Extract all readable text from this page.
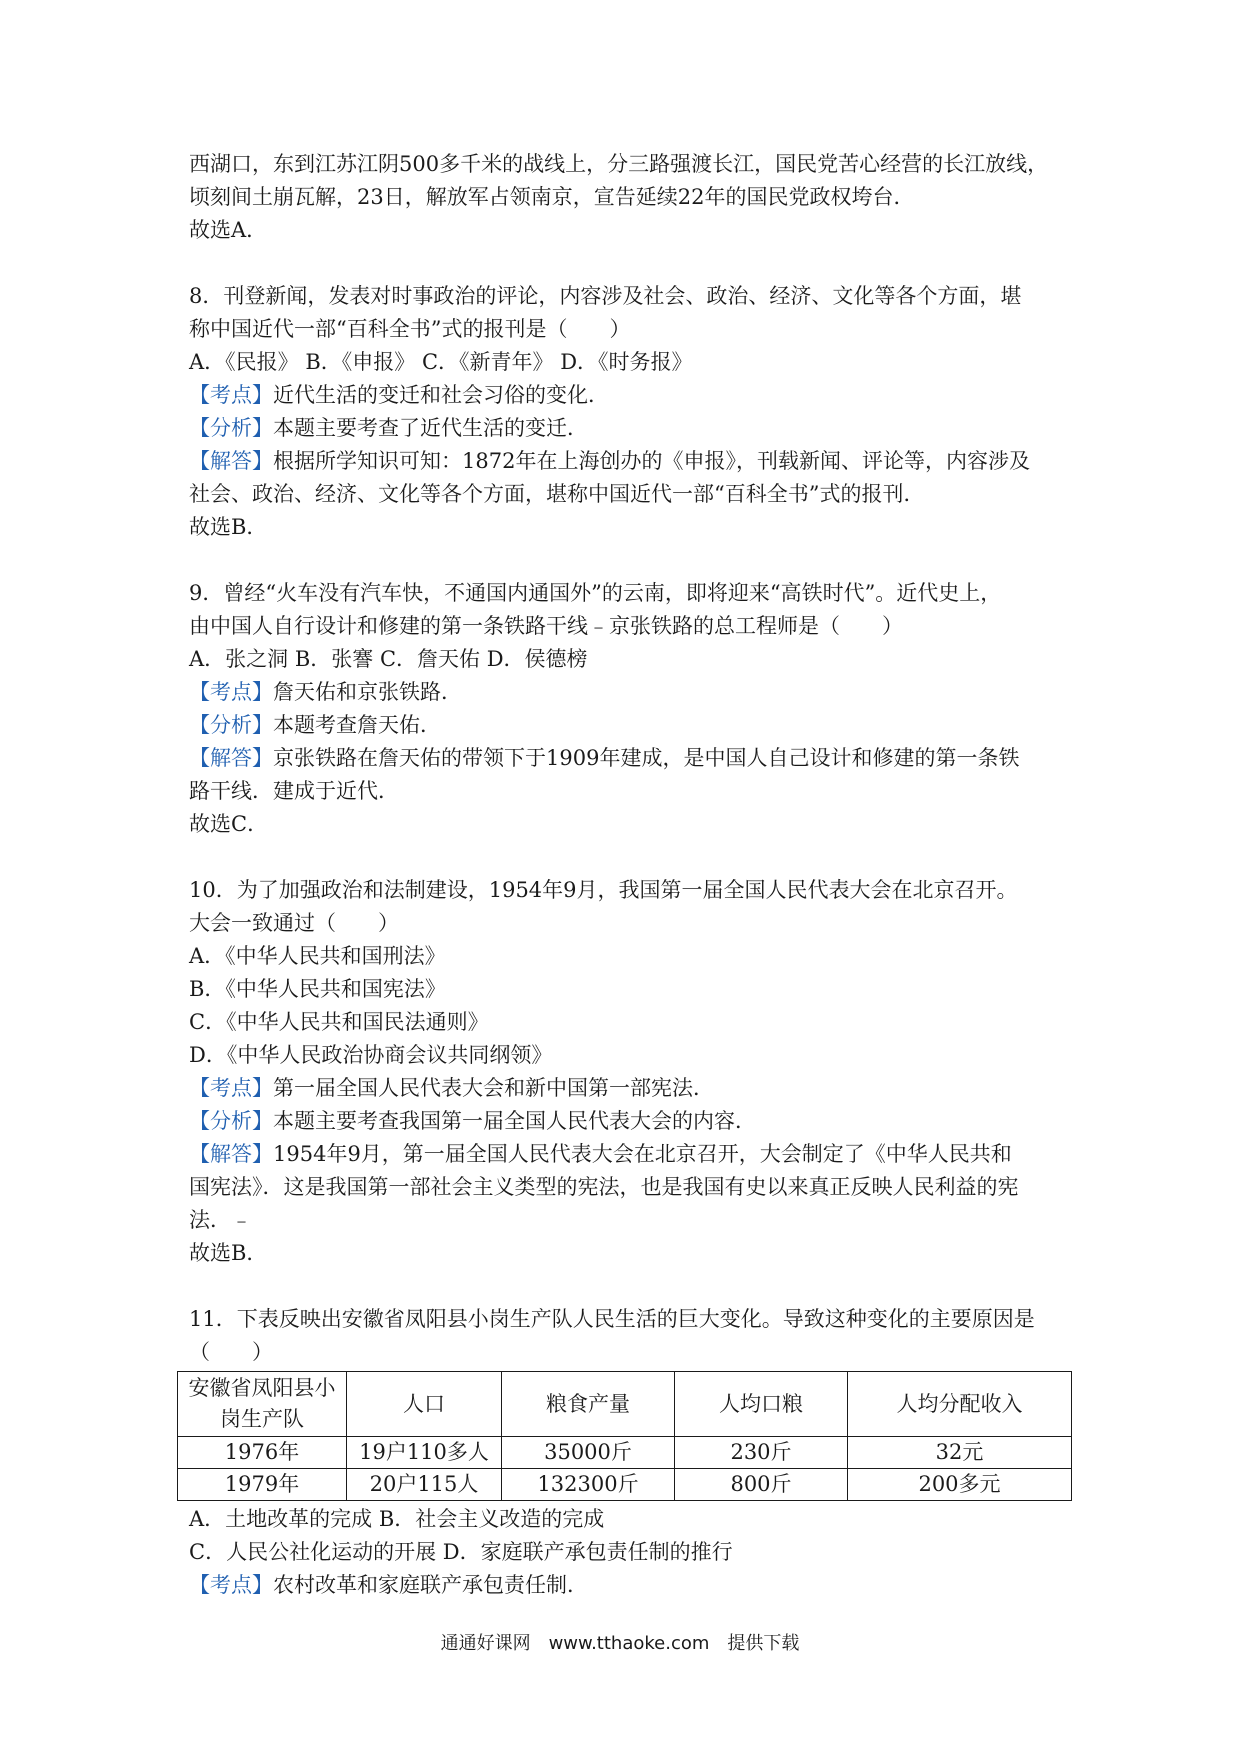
西湖口，东到江苏江阴500多千米的战线上，分三路强渡长江，国民党苦心经营的长江放线，
顷刻间土崩瓦解，23日，解放军占领南京，宣告延续22年的国民党政权垮台．
故选A．
8．刊登新闻，发表对时事政治的评论，内容涉及社会、政治、经济、文化等各个方面，堪
称中国近代一部“百科全书”式的报刊是（　　）
A．《民报》 B．《申报》 C．《新青年》 D．《时务报》
【考点】近代生活的变迁和社会习俗的变化．
【分析】本题主要考查了近代生活的变迁．
【解答】根据所学知识可知：1872年在上海创办的《申报》，刊载新闻、评论等，内容涉及
社会、政治、经济、文化等各个方面，堪称中国近代一部“百科全书”式的报刊．
故选B．
9．曾经“火车没有汽车快，不通国内通国外”的云南，即将迎来“高铁时代”。近代史上，
由中国人自行设计和修建的第一条铁路干线﹣京张铁路的总工程师是（　　）
A．张之洞 B．张謇 C．詹天佑 D．侯德榜
【考点】詹天佑和京张铁路．
【分析】本题考查詹天佑．
【解答】京张铁路在詹天佑的带领下于1909年建成，是中国人自己设计和修建的第一条铁
路干线．建成于近代．
故选C．
10．为了加强政治和法制建设，1954年9月，我国第一届全国人民代表大会在北京召开。
大会一致通过（　　）
A．《中华人民共和国刑法》
B．《中华人民共和国宪法》
C．《中华人民共和国民法通则》
D．《中华人民政治协商会议共同纲领》
【考点】第一届全国人民代表大会和新中国第一部宪法．
【分析】本题主要考查我国第一届全国人民代表大会的内容．
【解答】1954年9月，第一届全国人民代表大会在北京召开，大会制定了《中华人民共和
国宪法》．这是我国第一部社会主义类型的宪法，也是我国有史以来真正反映人民利益的宪
法．﹣
故选B．
11．下表反映出安徽省凤阳县小岗生产队人民生活的巨大变化。导致这种变化的主要原因是
（　　）
安徽省凤阳县小
岗生产队	人口	粮食产量	人均口粮	人均分配收入
1976年	19户110多人	35000斤	230斤	32元
1979年	20户115人	132300斤	800斤	200多元
A．土地改革的完成 B．社会主义改造的完成
C．人民公社化运动的开展 D．家庭联产承包责任制的推行
【考点】农村改革和家庭联产承包责任制．
通通好课网　www.tthaoke.com　提供下载
